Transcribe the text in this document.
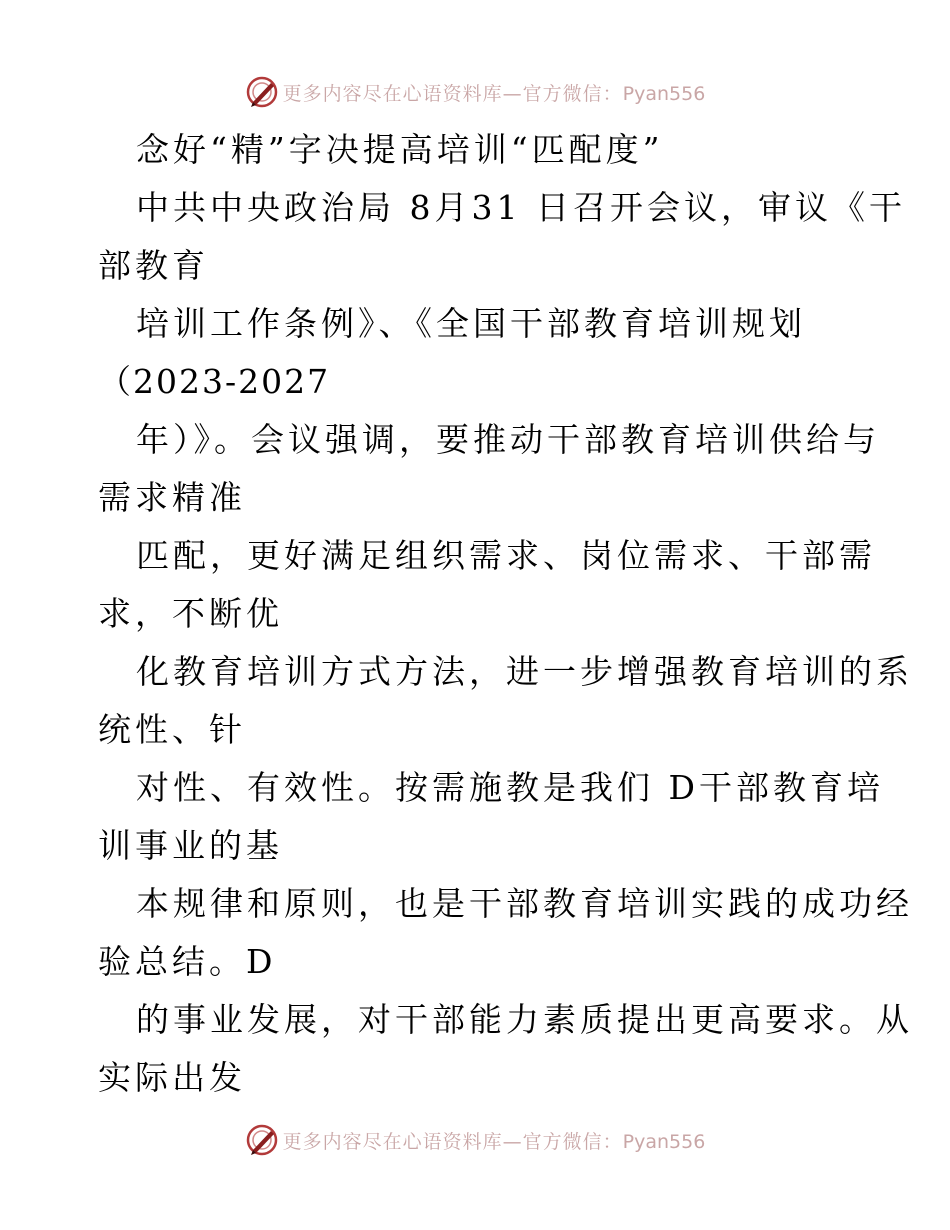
更多内容尽在心语资料库—官方微信：Pyan556
念好“精”字决提高培训“匹配度”
中共中央政治局 8月31 日召开会议，审议《干
部教育
培训工作条例》、《全国干部教育培训规划
（2023-2027
年）》。会议强调，要推动干部教育培训供给与
需求精准
匹配，更好满足组织需求、岗位需求、干部需
求，不断优
化教育培训方式方法，进一步增强教育培训的系
统性、针
对性、有效性。按需施教是我们 D干部教育培
训事业的基
本规律和原则，也是干部教育培训实践的成功经
验总结。D
的事业发展，对干部能力素质提出更高要求。从
实际出发
更多内容尽在心语资料库—官方微信：Pyan556
